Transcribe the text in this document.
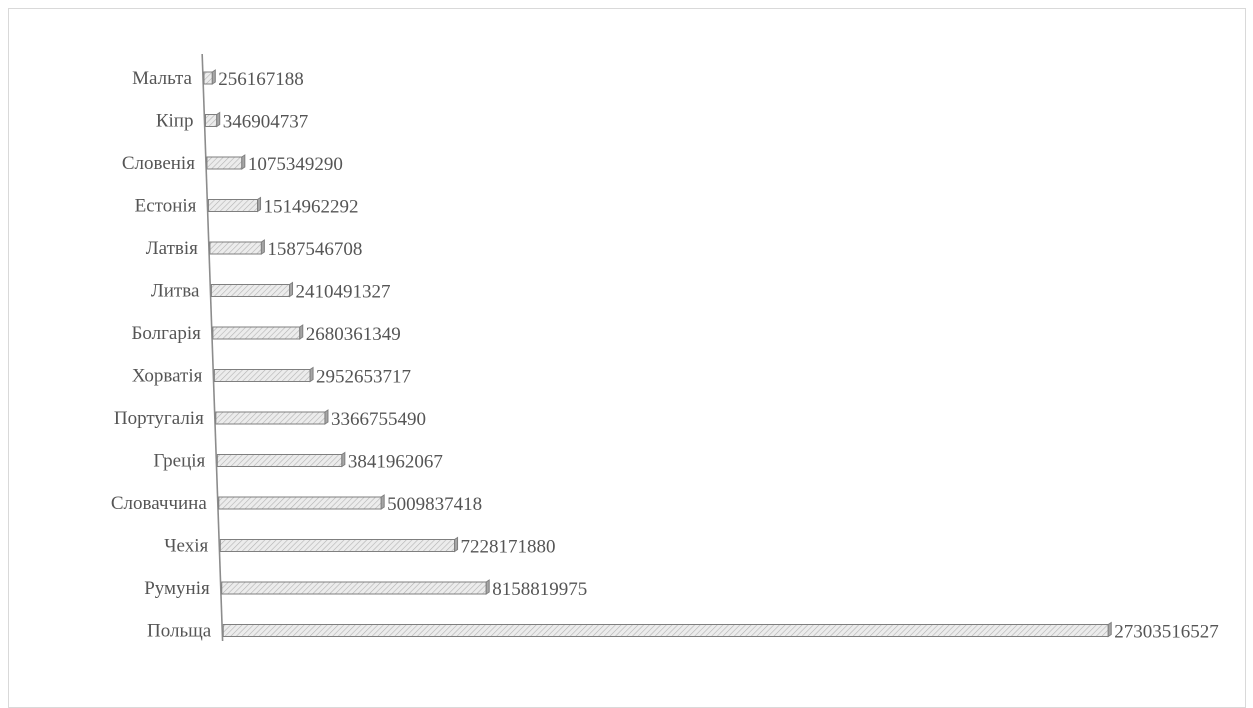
Мальта 256167188
Кіпр 346904737
Словенія	1075349290
Естонія	1514962292
Латвія	1587546708
Литва	2410491327
Болгарія	2680361349
Хорватія	2952653717
Португалія	3366755490
Греція	3841962067
Словаччина	5009837418
Чехія	7228171880
Румунія	8158819975
Польща	27303516527
